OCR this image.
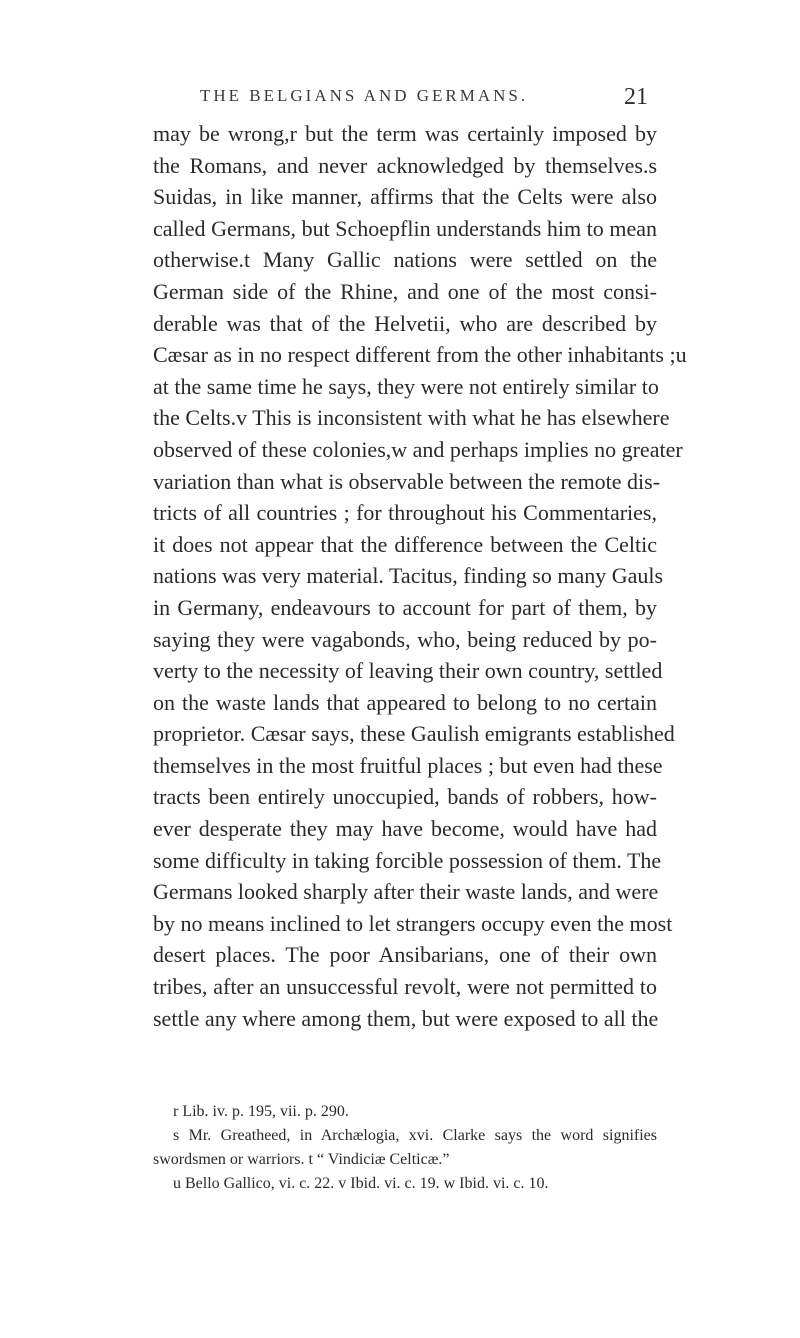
THE BELGIANS AND GERMANS.	21
may be wrong,r but the term was certainly imposed by
the Romans, and never acknowledged by themselves.s
Suidas, in like manner, affirms that the Celts were also
called Germans, but Schoepflin understands him to mean
otherwise.t Many Gallic nations were settled on the
German side of the Rhine, and one of the most consi-
derable was that of the Helvetii, who are described by
Cæsar as in no respect different from the other inhabitants ;u
at the same time he says, they were not entirely similar to
the Celts.v This is inconsistent with what he has elsewhere
observed of these colonies,w and perhaps implies no greater
variation than what is observable between the remote dis-
tricts of all countries ; for throughout his Commentaries,
it does not appear that the difference between the Celtic
nations was very material. Tacitus, finding so many Gauls
in Germany, endeavours to account for part of them, by
saying they were vagabonds, who, being reduced by po-
verty to the necessity of leaving their own country, settled
on the waste lands that appeared to belong to no certain
proprietor. Cæsar says, these Gaulish emigrants established
themselves in the most fruitful places ; but even had these
tracts been entirely unoccupied, bands of robbers, how-
ever desperate they may have become, would have had
some difficulty in taking forcible possession of them. The
Germans looked sharply after their waste lands, and were
by no means inclined to let strangers occupy even the most
desert places. The poor Ansibarians, one of their own
tribes, after an unsuccessful revolt, were not permitted to
settle any where among them, but were exposed to all the
r Lib. iv. p. 195, vii. p. 290.
s Mr. Greatheed, in Archælogia, xvi. Clarke says the word signifies
swordsmen or warriors. t “ Vindiciæ Celticæ.”
u Bello Gallico, vi. c. 22. v Ibid. vi. c. 19. w Ibid. vi. c. 10.
